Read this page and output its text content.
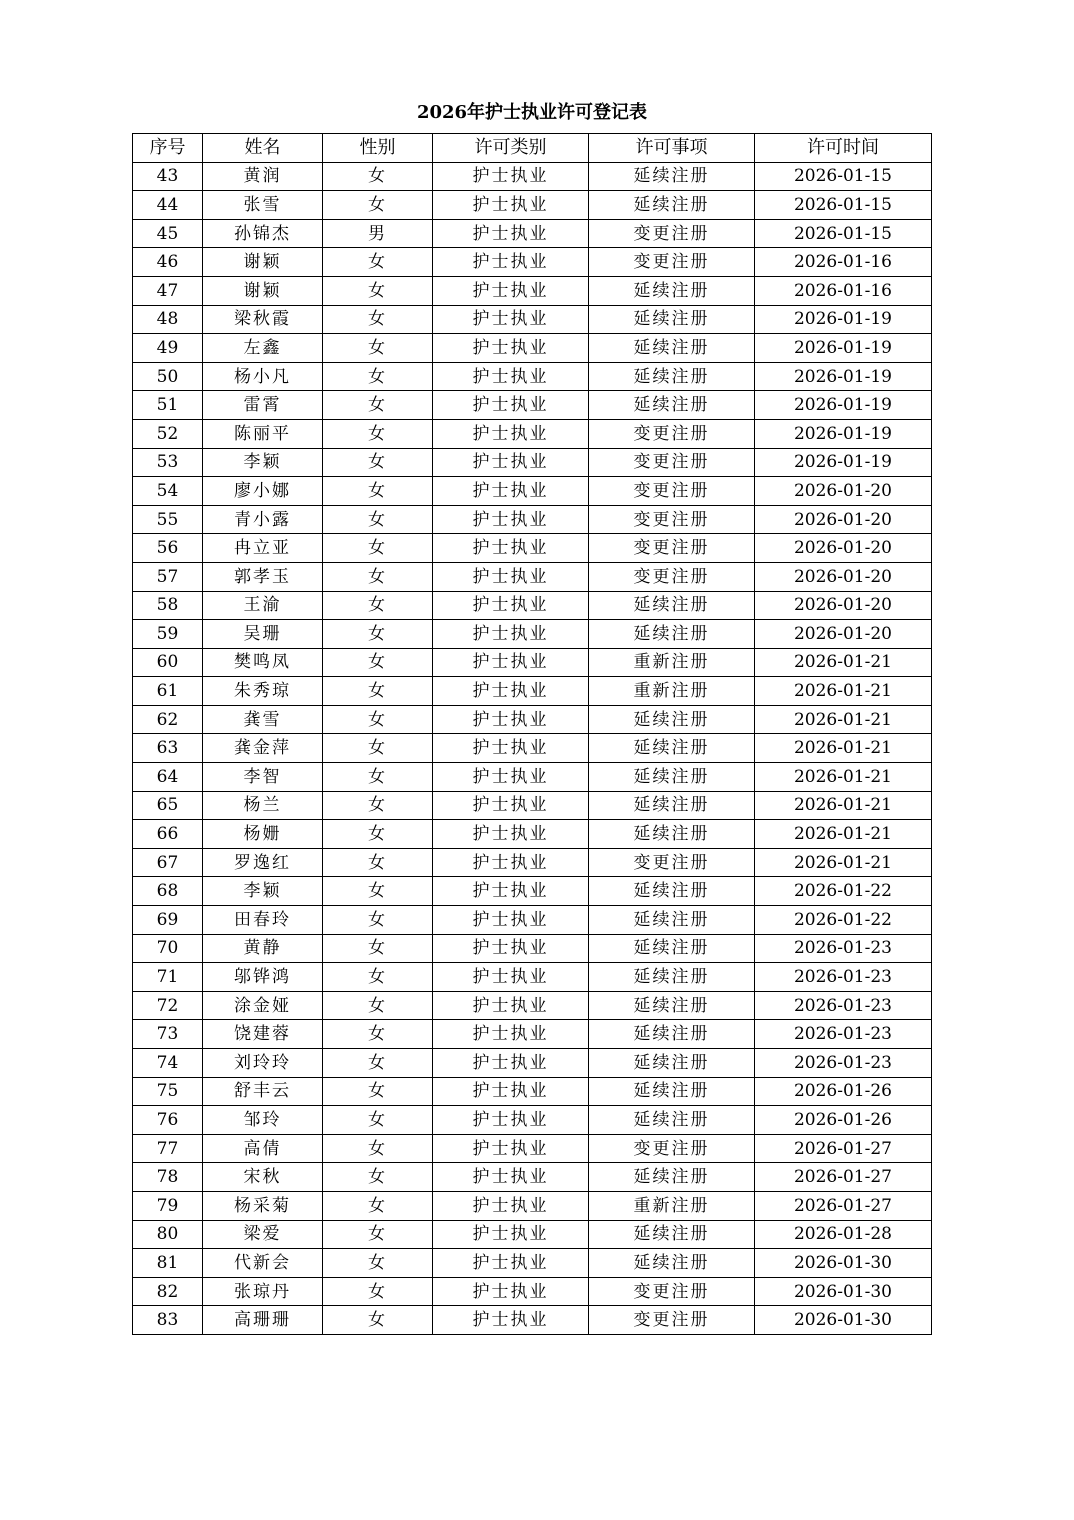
2026年护士执业许可登记表
序号	姓名	性别	许可类别	许可事项	许可时间
43	黄润	女	护士执业	延续注册	2026-01-15
44	张雪	女	护士执业	延续注册	2026-01-15
45	孙锦杰	男	护士执业	变更注册	2026-01-15
46	谢颖	女	护士执业	变更注册	2026-01-16
47	谢颖	女	护士执业	延续注册	2026-01-16
48	梁秋霞	女	护士执业	延续注册	2026-01-19
49	左鑫	女	护士执业	延续注册	2026-01-19
50	杨小凡	女	护士执业	延续注册	2026-01-19
51	雷霄	女	护士执业	延续注册	2026-01-19
52	陈丽平	女	护士执业	变更注册	2026-01-19
53	李颖	女	护士执业	变更注册	2026-01-19
54	廖小娜	女	护士执业	变更注册	2026-01-20
55	青小露	女	护士执业	变更注册	2026-01-20
56	冉立亚	女	护士执业	变更注册	2026-01-20
57	郭孝玉	女	护士执业	变更注册	2026-01-20
58	王渝	女	护士执业	延续注册	2026-01-20
59	吴珊	女	护士执业	延续注册	2026-01-20
60	樊鸣凤	女	护士执业	重新注册	2026-01-21
61	朱秀琼	女	护士执业	重新注册	2026-01-21
62	龚雪	女	护士执业	延续注册	2026-01-21
63	龚金萍	女	护士执业	延续注册	2026-01-21
64	李智	女	护士执业	延续注册	2026-01-21
65	杨兰	女	护士执业	延续注册	2026-01-21
66	杨姗	女	护士执业	延续注册	2026-01-21
67	罗逸红	女	护士执业	变更注册	2026-01-21
68	李颖	女	护士执业	延续注册	2026-01-22
69	田春玲	女	护士执业	延续注册	2026-01-22
70	黄静	女	护士执业	延续注册	2026-01-23
71	邬铧鸿	女	护士执业	延续注册	2026-01-23
72	涂金娅	女	护士执业	延续注册	2026-01-23
73	饶建蓉	女	护士执业	延续注册	2026-01-23
74	刘玲玲	女	护士执业	延续注册	2026-01-23
75	舒丰云	女	护士执业	延续注册	2026-01-26
76	邹玲	女	护士执业	延续注册	2026-01-26
77	高倩	女	护士执业	变更注册	2026-01-27
78	宋秋	女	护士执业	延续注册	2026-01-27
79	杨采菊	女	护士执业	重新注册	2026-01-27
80	梁爱	女	护士执业	延续注册	2026-01-28
81	代新会	女	护士执业	延续注册	2026-01-30
82	张琼丹	女	护士执业	变更注册	2026-01-30
83	高珊珊	女	护士执业	变更注册	2026-01-30
